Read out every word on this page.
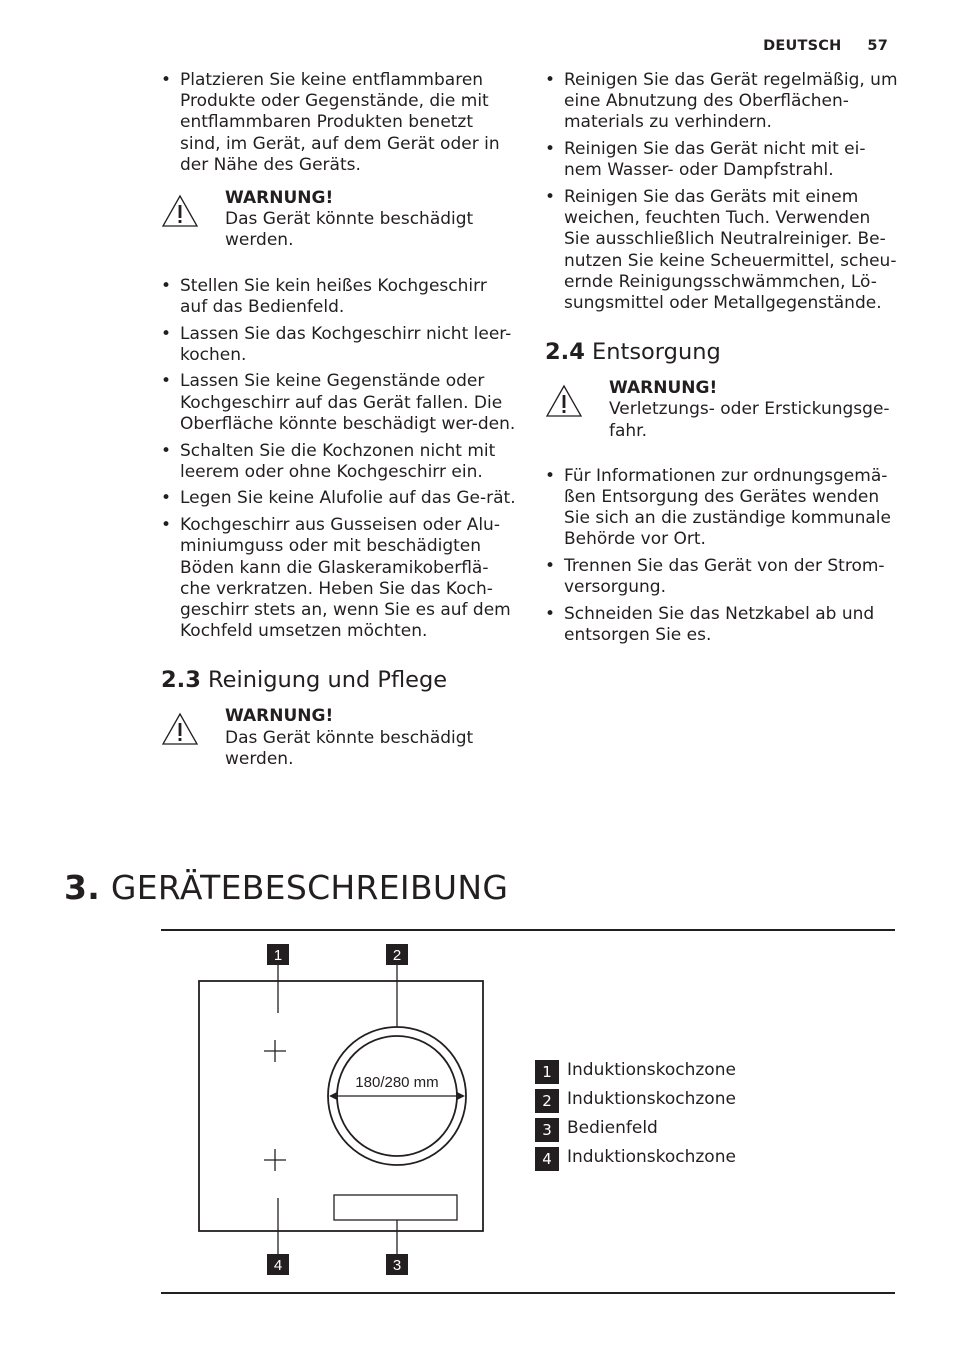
DEUTSCH 57
• Platzieren Sie keine entflammbaren Produkte oder Gegenstände, die mit entflammbaren Produkten benetzt sind, im Gerät, auf dem Gerät oder in der Nähe des Geräts.
WARNUNG!
Das Gerät könnte beschädigt werden.
• Stellen Sie kein heißes Kochgeschirr auf das Bedienfeld.
• Lassen Sie das Kochgeschirr nicht leer-kochen.
• Lassen Sie keine Gegenstände oder Kochgeschirr auf das Gerät fallen. Die Oberfläche könnte beschädigt wer-den.
• Schalten Sie die Kochzonen nicht mit leerem oder ohne Kochgeschirr ein.
• Legen Sie keine Alufolie auf das Ge-rät.
• Kochgeschirr aus Gusseisen oder Alu-miniumguss oder mit beschädigten Böden kann die Glaskeramikoberflä-che verkratzen. Heben Sie das Koch-geschirr stets an, wenn Sie es auf dem Kochfeld umsetzen möchten.
2.3 Reinigung und Pflege
WARNUNG!
Das Gerät könnte beschädigt werden.
• Reinigen Sie das Gerät regelmäßig, um eine Abnutzung des Oberflächen-materials zu verhindern.
• Reinigen Sie das Gerät nicht mit ei-nem Wasser- oder Dampfstrahl.
• Reinigen Sie das Geräts mit einem weichen, feuchten Tuch. Verwenden Sie ausschließlich Neutralreiniger. Be-nutzen Sie keine Scheuermittel, scheu-ernde Reinigungsschwämmchen, Lö-sungsmittel oder Metallgegenstände.
2.4 Entsorgung
WARNUNG!
Verletzungs- oder Erstickungsge-fahr.
• Für Informationen zur ordnungsgemä-ßen Entsorgung des Gerätes wenden Sie sich an die zuständige kommunale Behörde vor Ort.
• Trennen Sie das Gerät von der Strom-versorgung.
• Schneiden Sie das Netzkabel ab und entsorgen Sie es.
3. GERÄTEBESCHREIBUNG
180/280 mm
1	2
4	3
1 Induktionskochzone
2 Induktionskochzone
3 Bedienfeld
4 Induktionskochzone
